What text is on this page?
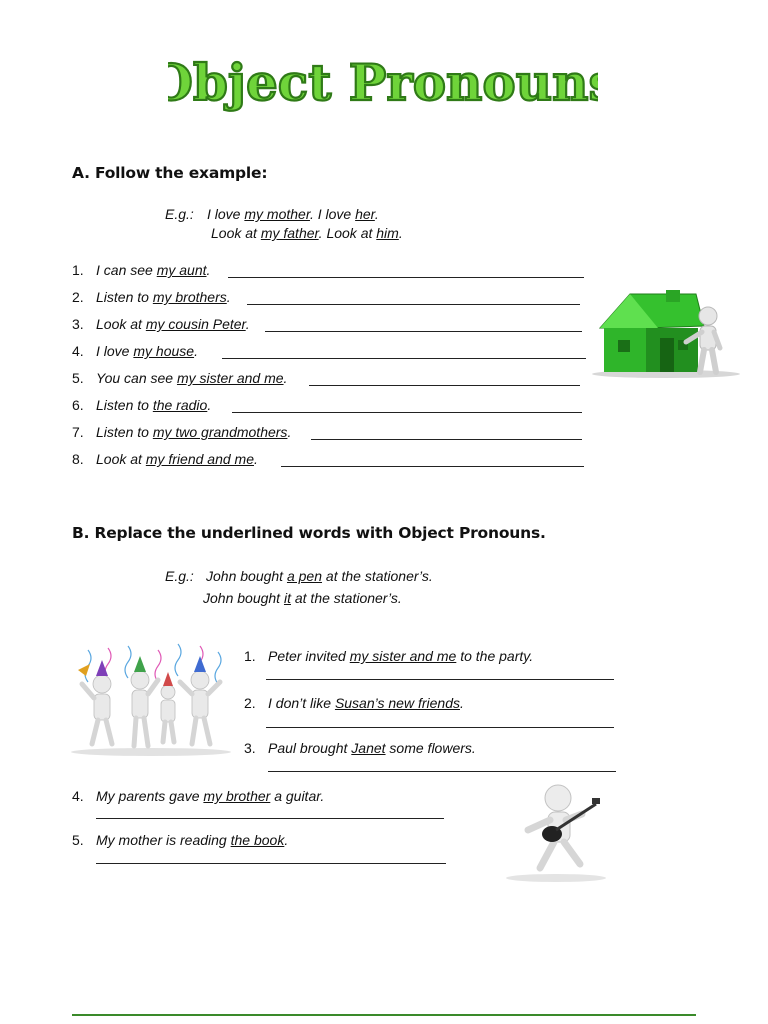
Object Pronouns
A. Follow the example:
E.g.: I love my mother. I love her.
Look at my father. Look at him.
1. I can see my aunt.
2. Listen to my brothers.
3. Look at my cousin Peter.
4. I love my house.
5. You can see my sister and me.
6. Listen to the radio.
7. Listen to my two grandmothers.
8. Look at my friend and me.
B. Replace the underlined words with Object Pronouns.
E.g.: John bought a pen at the stationer’s.
John bought it at the stationer’s.
1. Peter invited my sister and me to the party.
2. I don’t like Susan’s new friends.
3. Paul brought Janet some flowers.
4. My parents gave my brother a guitar.
5. My mother is reading the book.
